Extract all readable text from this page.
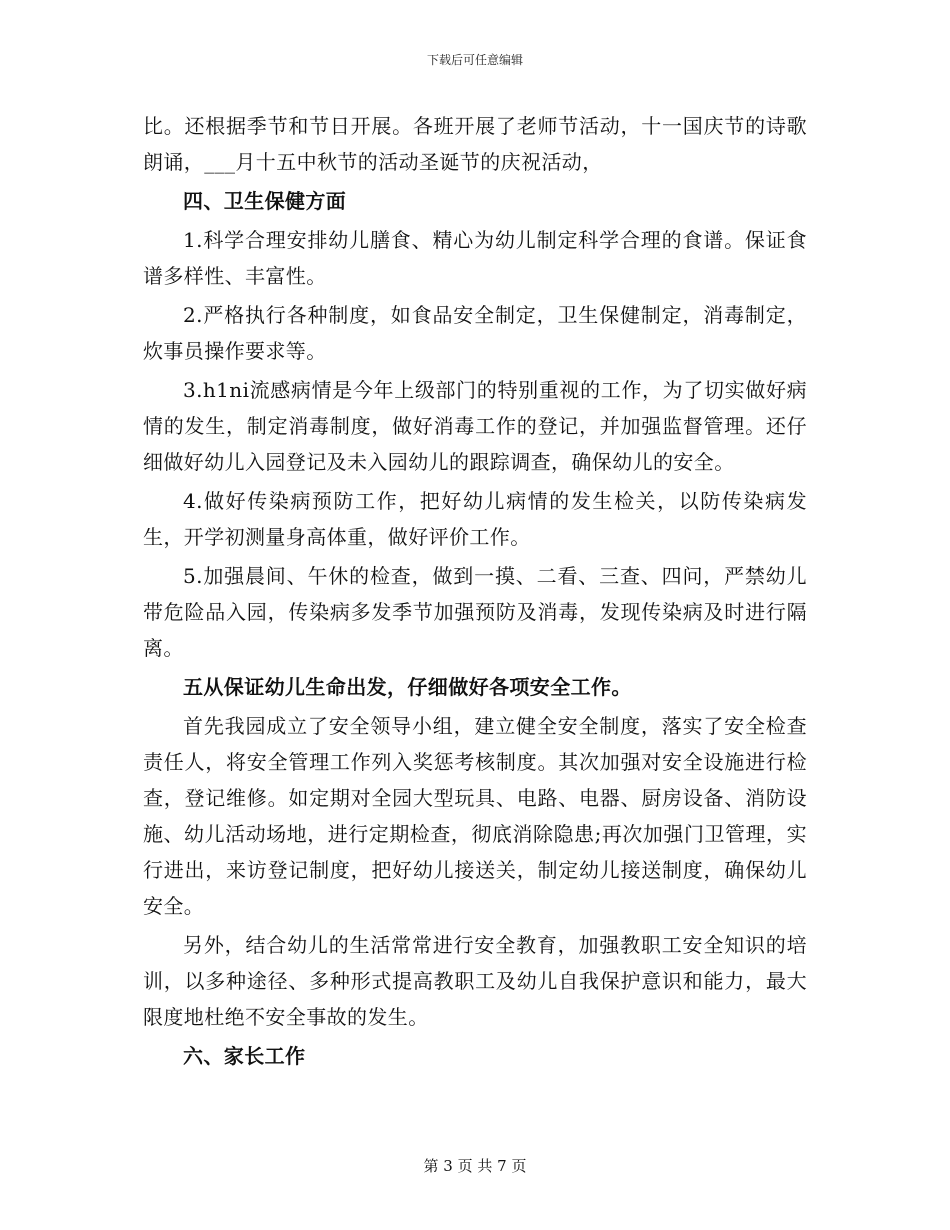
下载后可任意编辑

比。还根据季节和节日开展。各班开展了老师节活动，十一国庆节的诗歌朗诵，___月十五中秋节的活动圣诞节的庆祝活动，

四、卫生保健方面

1.科学合理安排幼儿膳食、精心为幼儿制定科学合理的食谱。保证食谱多样性、丰富性。

2.严格执行各种制度，如食品安全制定，卫生保健制定，消毒制定，炊事员操作要求等。

3.h1ni流感病情是今年上级部门的特别重视的工作，为了切实做好病情的发生，制定消毒制度，做好消毒工作的登记，并加强监督管理。还仔细做好幼儿入园登记及未入园幼儿的跟踪调查，确保幼儿的安全。

4.做好传染病预防工作，把好幼儿病情的发生检关，以防传染病发生，开学初测量身高体重，做好评价工作。

5.加强晨间、午休的检查，做到一摸、二看、三查、四问，严禁幼儿带危险品入园，传染病多发季节加强预防及消毒，发现传染病及时进行隔离。

五从保证幼儿生命出发，仔细做好各项安全工作。

首先我园成立了安全领导小组，建立健全安全制度，落实了安全检查责任人，将安全管理工作列入奖惩考核制度。其次加强对安全设施进行检查，登记维修。如定期对全园大型玩具、电路、电器、厨房设备、消防设施、幼儿活动场地，进行定期检查，彻底消除隐患;再次加强门卫管理，实行进出，来访登记制度，把好幼儿接送关，制定幼儿接送制度，确保幼儿安全。

另外，结合幼儿的生活常常进行安全教育，加强教职工安全知识的培训，以多种途径、多种形式提高教职工及幼儿自我保护意识和能力，最大限度地杜绝不安全事故的发生。

六、家长工作

第 3 页 共 7 页
